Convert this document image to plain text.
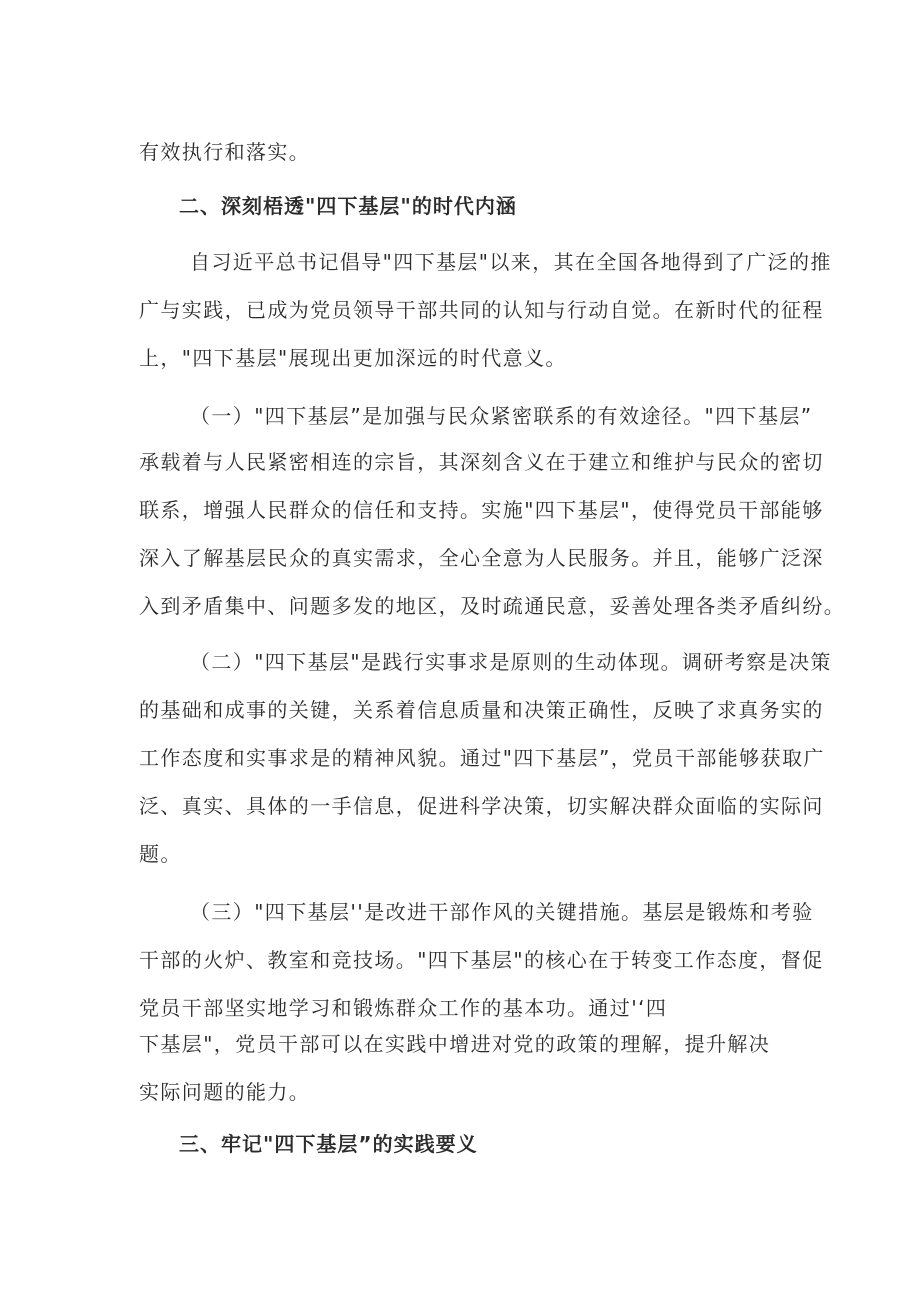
有效执行和落实。
二、深刻梧透"四下基层"的时代内涵
自习近平总书记倡导"四下基层"以来，其在全国各地得到了广泛的推
广与实践，已成为党员领导干部共同的认知与行动自觉。在新时代的征程
上，"四下基层"展现出更加深远的时代意义。
（一）"四下基层”是加强与民众紧密联系的有效途径。"四下基层”
承载着与人民紧密相连的宗旨，其深刻含义在于建立和维护与民众的密切
联系，增强人民群众的信任和支持。实施"四下基层"，使得党员干部能够
深入了解基层民众的真实需求，全心全意为人民服务。并且，能够广泛深
入到矛盾集中、问题多发的地区，及时疏通民意，妥善处理各类矛盾纠纷。
（二）"四下基层"是践行实事求是原则的生动体现。调研考察是决策
的基础和成事的关键，关系着信息质量和决策正确性，反映了求真务实的
工作态度和实事求是的精神风貌。通过"四下基层”，党员干部能够获取广
泛、真实、具体的一手信息，促进科学决策，切实解决群众面临的实际问
题。
（三）"四下基层''是改进干部作风的关键措施。基层是锻炼和考验
干部的火炉、教室和竞技场。"四下基层"的核心在于转变工作态度，督促
党员干部坚实地学习和锻炼群众工作的基本功。通过'‘四
下基层"，党员干部可以在实践中增进对党的政策的理解，提升解决
实际问题的能力。
三、牢记"四下基层”的实践要义
